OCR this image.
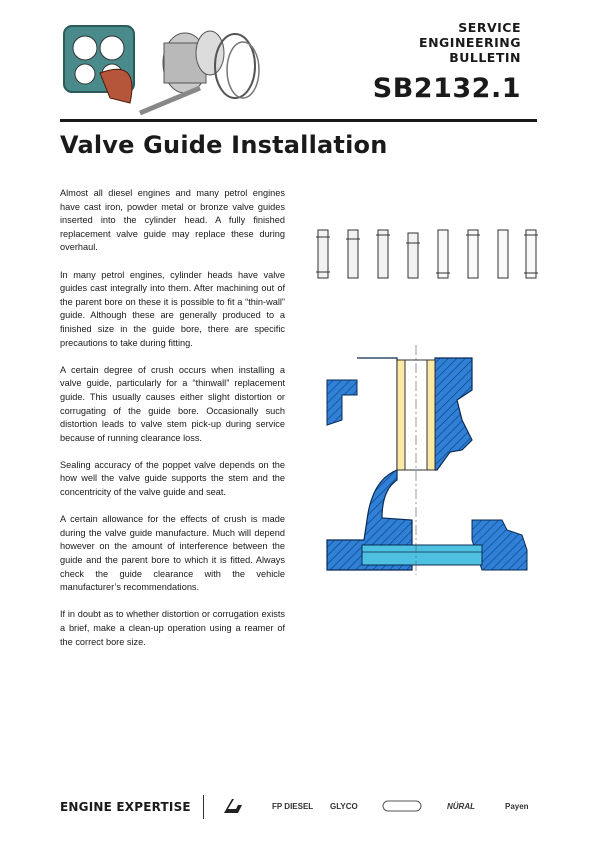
SERVICE
ENGINEERING
BULLETIN
SB2132.1
Valve Guide Installation

Almost all diesel engines and many petrol engines have cast iron, powder metal or bronze valve guides inserted into the cylinder head. A fully finished replacement valve guide may replace these during overhaul.

In many petrol engines, cylinder heads have valve guides cast integrally into them. After machining out of the parent bore on these it is possible to fit a “thin-wall” guide. Although these are generally produced to a finished size in the guide bore, there are specific precautions to take during fitting.

A certain degree of crush occurs when installing a valve guide, particularly for a “thinwall” replacement guide. This usually causes either slight distortion or corrugating of the guide bore. Occasionally such distortion leads to valve stem pick-up during service because of running clearance loss.

Sealing accuracy of the poppet valve depends on the how well the valve guide supports the stem and the concentricity of the valve guide and seat.

A certain allowance for the effects of crush is made during the valve guide manufacture. Much will depend however on the amount of interference between the guide and the parent bore to which it is fitted. Always check the guide clearance with the vehicle manufacturer’s recommendations.

If in doubt as to whether distortion or corrugation exists a brief, make a clean-up operation using a reamer of the correct bore size.

ENGINE EXPERTISE	FP DIESEL GLYCO	NÜRAL	Payen
